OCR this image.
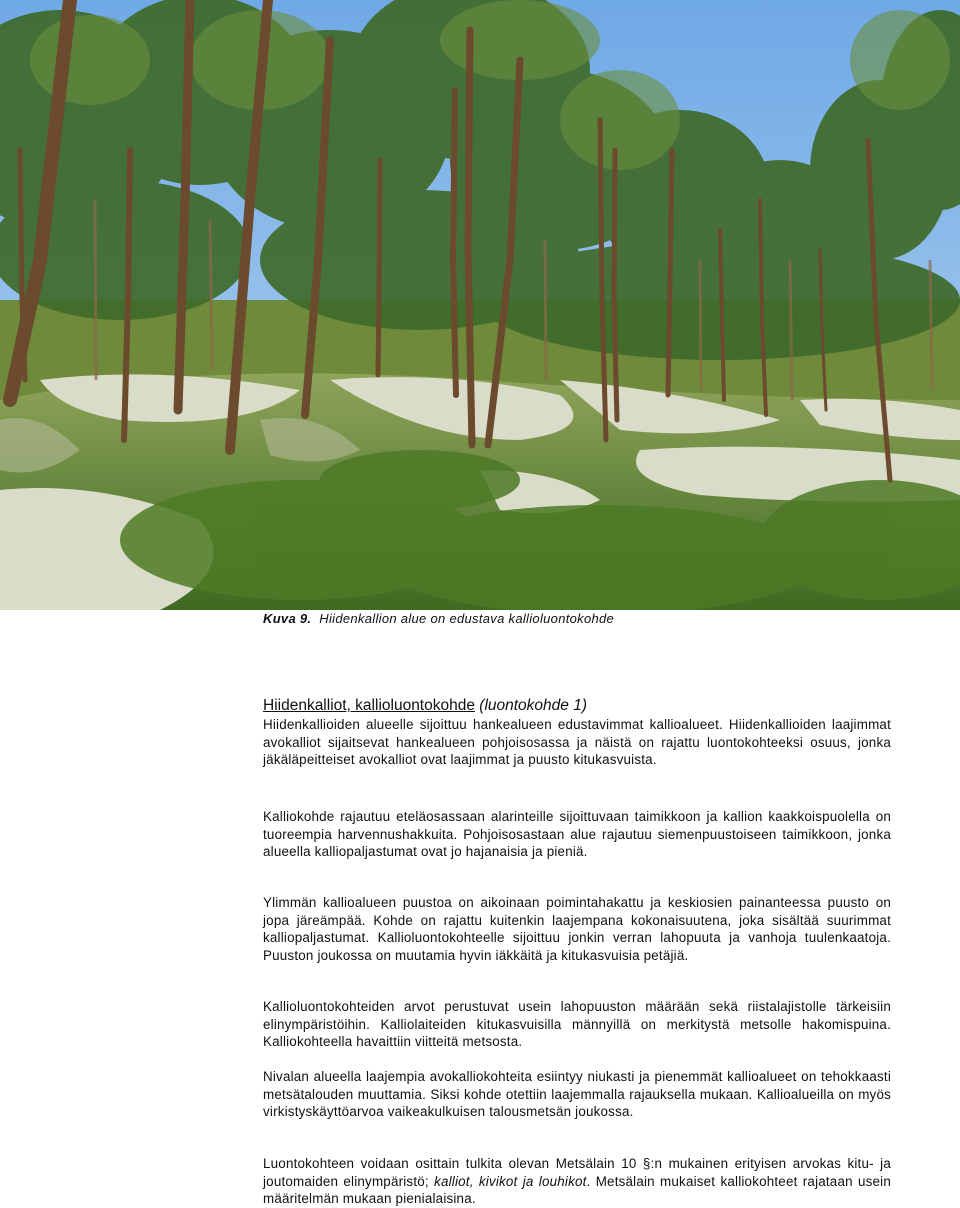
Kuva 9. Hiidenkallion alue on edustava kallioluontokohde
Hiidenkalliot, kallioluontokohde (luontokohde 1)

Hiidenkallioiden alueelle sijoittuu hankealueen edustavimmat kallioalueet. Hiidenkallioiden laajimmat avokalliot sijaitsevat hankealueen pohjoisosassa ja näistä on rajattu luontokohteeksi osuus, jonka jäkäläpeitteiset avokalliot ovat laajimmat ja puusto kitukasvuista.

Kalliokohde rajautuu eteläosassaan alarinteille sijoittuvaan taimikkoon ja kallion kaakkoispuolella on tuoreempia harvennushakkuita. Pohjoisosastaan alue rajautuu siemenpuustoiseen taimikkoon, jonka alueella kalliopaljastumat ovat jo hajanaisia ja pieniä.

Ylimmän kallioalueen puustoa on aikoinaan poimintahakattu ja keskiosien painanteessa puusto on jopa järeämpää. Kohde on rajattu kuitenkin laajempana kokonaisuutena, joka sisältää suurimmat kalliopaljastumat. Kallioluontokohteelle sijoittuu jonkin verran lahopuuta ja vanhoja tuulenkaatoja. Puuston joukossa on muutamia hyvin iäkkäitä ja kitukasvuisia petäjiä.

Kallioluontokohteiden arvot perustuvat usein lahopuuston määrään sekä riistalajistolle tärkeisiin elinympäristöihin. Kalliolaiteiden kitukasvuisilla männyillä on merkitystä metsolle hakomispuina. Kalliokohteella havaittiin viitteitä metsosta.

Nivalan alueella laajempia avokalliokohteita esiintyy niukasti ja pienemmät kallioalueet on tehokkaasti metsätalouden muuttamia. Siksi kohde otettiin laajemmalla rajauksella mukaan. Kallioalueilla on myös virkistyskäyttöarvoa vaikeakulkuisen talousmetsän joukossa.

Luontokohteen voidaan osittain tulkita olevan Metsälain 10 §:n mukainen erityisen arvokas kitu- ja joutomaiden elinympäristö; kalliot, kivikot ja louhikot. Metsälain mukaiset kalliokohteet rajataan usein määritelmän mukaan pienialaisina.
